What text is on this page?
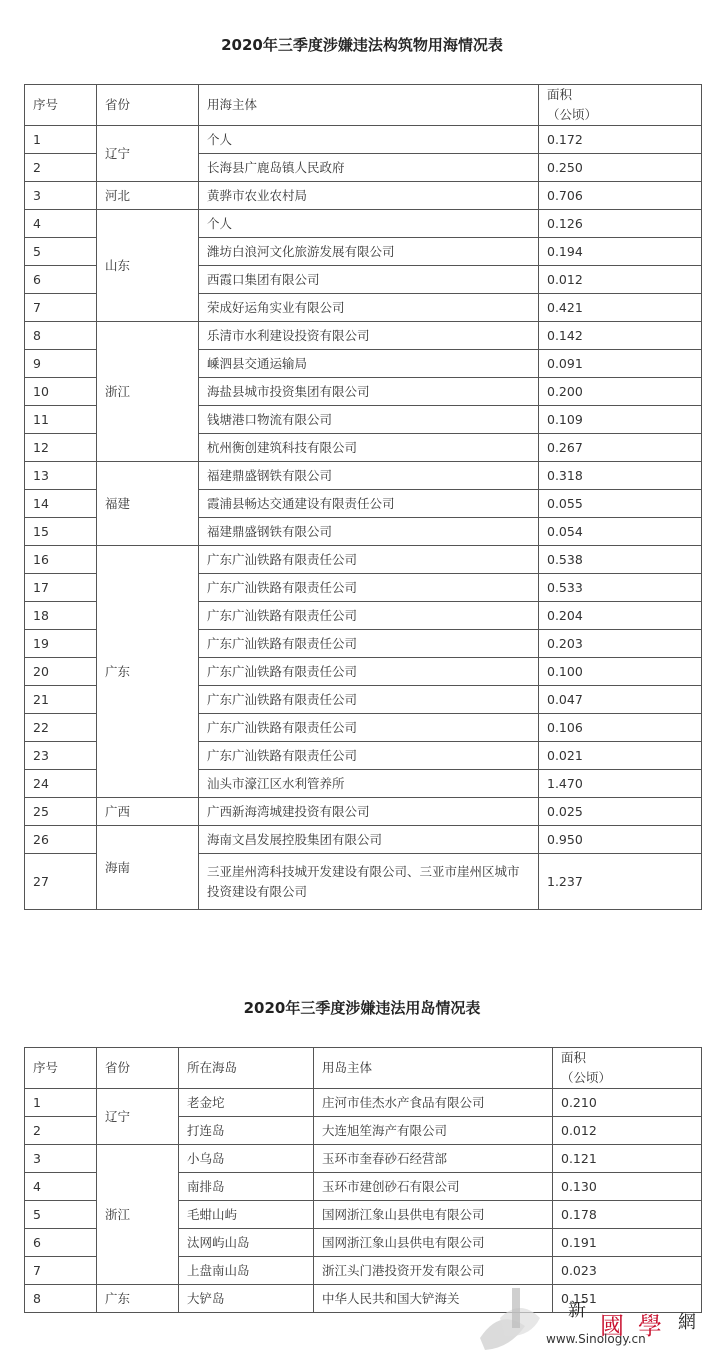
2020年三季度涉嫌违法构筑物用海情况表
序号	省份	用海主体	面积
（公顷）
1	辽宁	个人	0.172
2		长海县广鹿岛镇人民政府	0.250
3	河北	黄骅市农业农村局	0.706
4	山东	个人	0.126
5		潍坊白浪河文化旅游发展有限公司	0.194
6		西霞口集团有限公司	0.012
7		荣成好运角实业有限公司	0.421
8	浙江	乐清市水利建设投资有限公司	0.142
9		嵊泗县交通运输局	0.091
10		海盐县城市投资集团有限公司	0.200
11		钱塘港口物流有限公司	0.109
12		杭州衡创建筑科技有限公司	0.267
13	福建	福建鼎盛钢铁有限公司	0.318
14		霞浦县畅达交通建设有限责任公司	0.055
15		福建鼎盛钢铁有限公司	0.054
16	广东	广东广汕铁路有限责任公司	0.538
17		广东广汕铁路有限责任公司	0.533
18		广东广汕铁路有限责任公司	0.204
19		广东广汕铁路有限责任公司	0.203
20		广东广汕铁路有限责任公司	0.100
21		广东广汕铁路有限责任公司	0.047
22		广东广汕铁路有限责任公司	0.106
23		广东广汕铁路有限责任公司	0.021
24		汕头市濠江区水利管养所	1.470
25	广西	广西新海湾城建投资有限公司	0.025
26	海南	海南文昌发展控股集团有限公司	0.950
27		三亚崖州湾科技城开发建设有限公司、三亚市崖州区城市投资建设有限公司	1.237
2020年三季度涉嫌违法用岛情况表
序号	省份	所在海岛	用岛主体	面积
（公顷）
1	辽宁	老金坨	庄河市佳杰水产食品有限公司	0.210
2		打连岛	大连旭笙海产有限公司	0.012
3	浙江	小乌岛	玉环市奎春砂石经营部	0.121
4		南排岛	玉环市建创砂石有限公司	0.130
5		毛蚶山屿	国网浙江象山县供电有限公司	0.178
6		汰网屿山岛	国网浙江象山县供电有限公司	0.191
7		上盘南山岛	浙江头门港投资开发有限公司	0.023
8	广东	大铲岛	中华人民共和国大铲海关	0.151
新
國學 網
www.Sinology.cn
